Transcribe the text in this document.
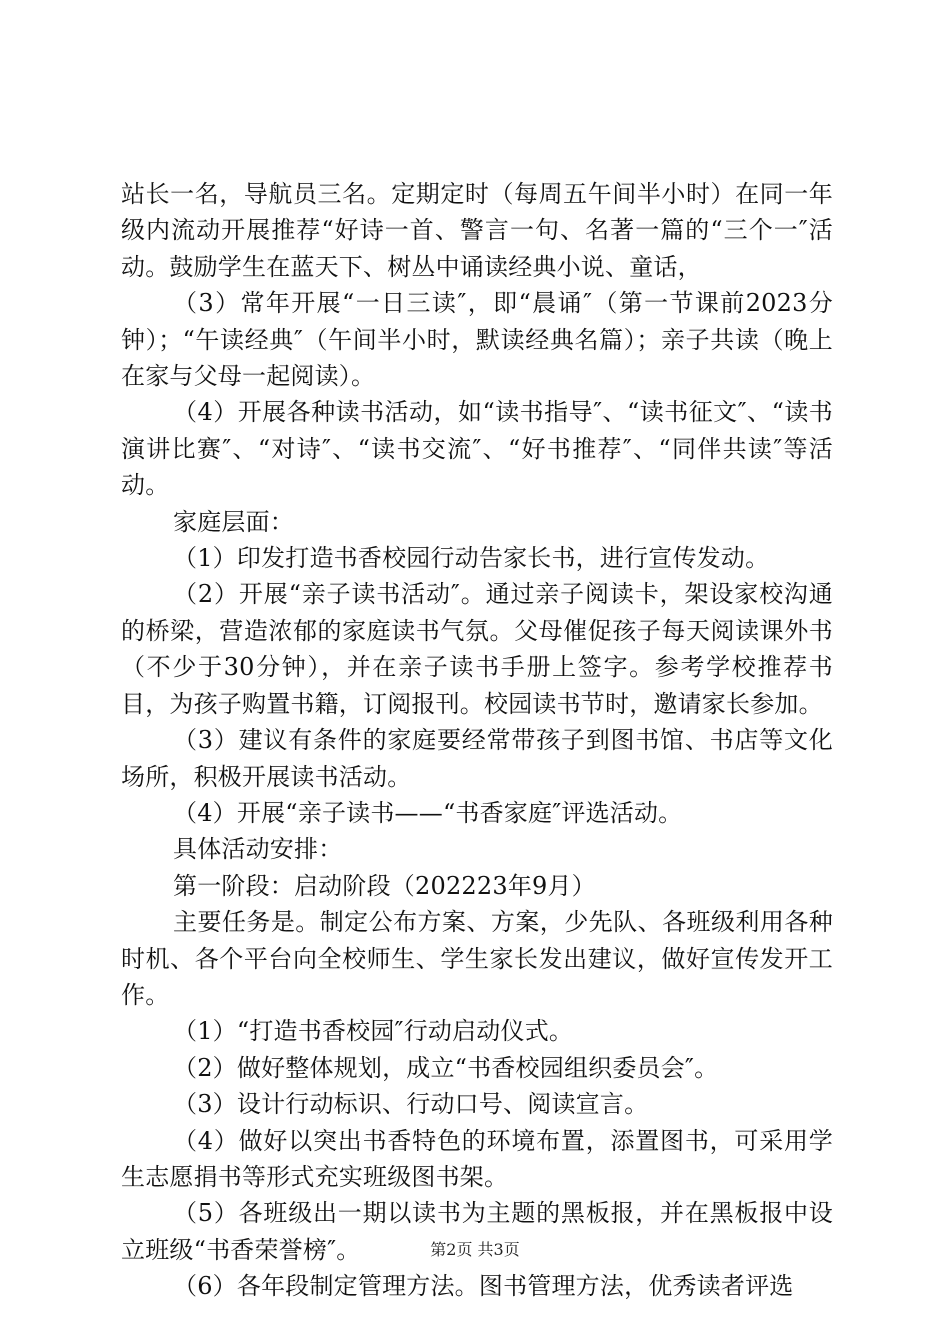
站长一名，导航员三名。定期定时（每周五午间半小时）在同一年级内流动开展推荐“好诗一首、警言一句、名著一篇的“三个一″活动。鼓励学生在蓝天下、树丛中诵读经典小说、童话，

（3）常年开展“一日三读″，即“晨诵″（第一节课前2023分钟）；“午读经典″（午间半小时，默读经典名篇）；亲子共读（晚上在家与父母一起阅读）。

（4）开展各种读书活动，如“读书指导″、“读书征文″、“读书演讲比赛″、“对诗″、“读书交流″、“好书推荐″、“同伴共读″等活动。

家庭层面：

（1）印发打造书香校园行动告家长书，进行宣传发动。

（2）开展“亲子读书活动″。通过亲子阅读卡，架设家校沟通的桥梁，营造浓郁的家庭读书气氛。父母催促孩子每天阅读课外书（不少于30分钟），并在亲子读书手册上签字。参考学校推荐书目，为孩子购置书籍，订阅报刊。校园读书节时，邀请家长参加。

（3）建议有条件的家庭要经常带孩子到图书馆、书店等文化场所，积极开展读书活动。

（4）开展“亲子读书——“书香家庭″评选活动。

具体活动安排：

第一阶段：启动阶段（202223年9月）

主要任务是。制定公布方案、方案，少先队、各班级利用各种时机、各个平台向全校师生、学生家长发出建议，做好宣传发开工作。

（1）“打造书香校园″行动启动仪式。

（2）做好整体规划，成立“书香校园组织委员会″。

（3）设计行动标识、行动口号、阅读宣言。

（4）做好以突出书香特色的环境布置，添置图书，可采用学生志愿捐书等形式充实班级图书架。

（5）各班级出一期以读书为主题的黑板报，并在黑板报中设立班级“书香荣誉榜″。

（6）各年段制定管理方法。图书管理方法，优秀读者评选

第2页 共3页
